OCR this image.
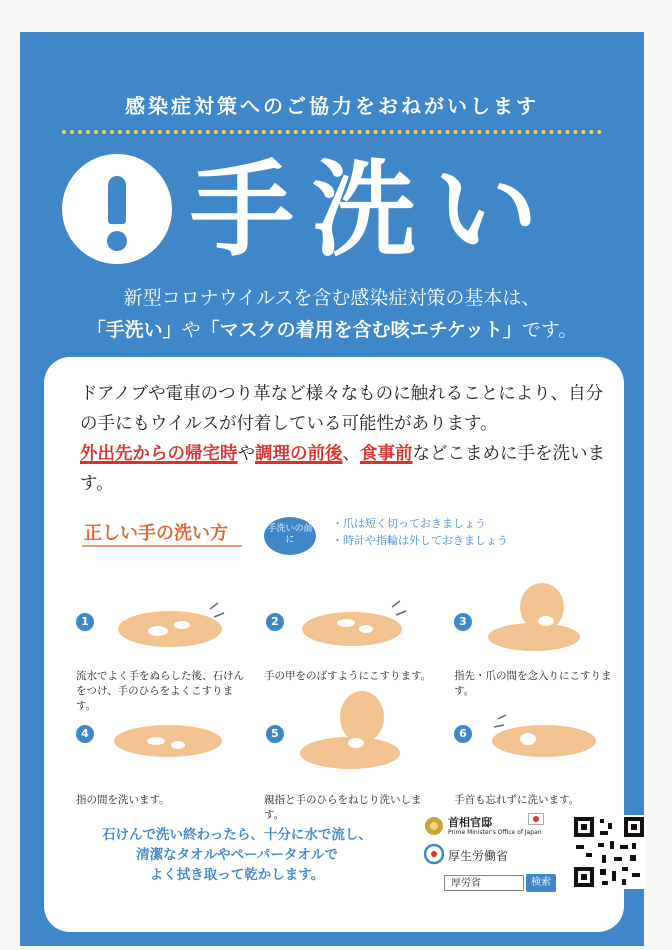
感染症対策へのご協力をおねがいします
手洗い
新型コロナウイルスを含む感染症対策の基本は、
「手洗い」や「マスクの着用を含む咳エチケット」です。
ドアノブや電車のつり革など様々なものに触れることにより、自分の手にもウイルスが付着している可能性があります。
外出先からの帰宅時や調理の前後、食事前などこまめに手を洗います。
正しい手の洗い方	手洗いの前に
・爪は短く切っておきましょう
・時計や指輪は外しておきましょう
1
流水でよく手をぬらした後、石けんをつけ、手のひらをよくこすります。
2
手の甲をのばすようにこすります。
3
指先・爪の間を念入りにこすります。
4
指の間を洗います。
5
親指と手のひらをねじり洗いします。
6
手首も忘れずに洗います。
石けんで洗い終わったら、十分に水で流し、
清潔なタオルやペーパータオルで
よく拭き取って乾かします。
首相官邸
Prime Minister's Office of Japan
厚生労働省
厚労省	検索
